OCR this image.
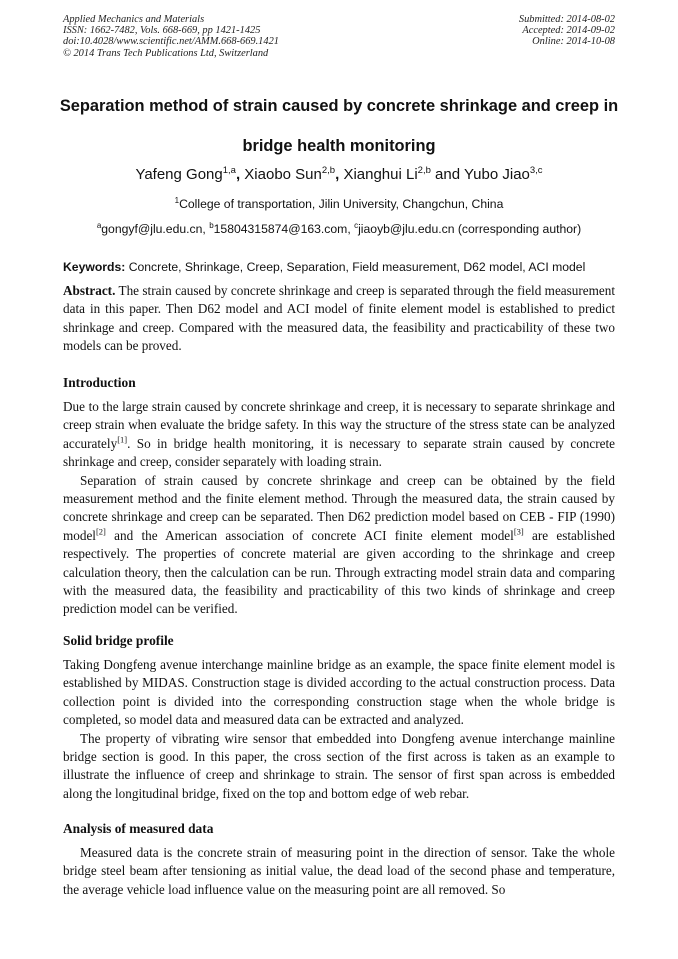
Applied Mechanics and Materials
ISSN: 1662-7482, Vols. 668-669, pp 1421-1425
doi:10.4028/www.scientific.net/AMM.668-669.1421
© 2014 Trans Tech Publications Ltd, Switzerland
Submitted: 2014-08-02
Accepted: 2014-09-02
Online: 2014-10-08
Separation method of strain caused by concrete shrinkage and creep in
bridge health monitoring
Yafeng Gong$^{1,a}$, Xiaobo Sun$^{2,b}$, Xianghui Li$^{2,b}$ and Yubo Jiao$^{3,c}$
$^1$College of transportation, Jilin University, Changchun, China
$^a$gongyf@jlu.edu.cn, $^b$15804315874@163.com, $^c$jiaoyb@jlu.edu.cn (corresponding author)
Keywords: Concrete, Shrinkage, Creep, Separation, Field measurement, D62 model, ACI model

Abstract. The strain caused by concrete shrinkage and creep is separated through the field measurement data in this paper. Then D62 model and ACI model of finite element model is established to predict shrinkage and creep. Compared with the measured data, the feasibility and practicability of these two models can be proved.

Introduction

Due to the large strain caused by concrete shrinkage and creep, it is necessary to separate shrinkage and creep strain when evaluate the bridge safety. In this way the structure of the stress state can be analyzed accurately[1]. So in bridge health monitoring, it is necessary to separate strain caused by concrete shrinkage and creep, consider separately with loading strain.

Separation of strain caused by concrete shrinkage and creep can be obtained by the field measurement method and the finite element method. Through the measured data, the strain caused by concrete shrinkage and creep can be separated. Then D62 prediction model based on CEB - FIP (1990) model[2] and the American association of concrete ACI finite element model[3] are established respectively. The properties of concrete material are given according to the shrinkage and creep calculation theory, then the calculation can be run. Through extracting model strain data and comparing with the measured data, the feasibility and practicability of this two kinds of shrinkage and creep prediction model can be verified.

Solid bridge profile

Taking Dongfeng avenue interchange mainline bridge as an example, the space finite element model is established by MIDAS. Construction stage is divided according to the actual construction process. Data collection point is divided into the corresponding construction stage when the whole bridge is completed, so model data and measured data can be extracted and analyzed.

The property of vibrating wire sensor that embedded into Dongfeng avenue interchange mainline bridge section is good. In this paper, the cross section of the first across is taken as an example to illustrate the influence of creep and shrinkage to strain. The sensor of first span across is embedded along the longitudinal bridge, fixed on the top and bottom edge of web rebar.

Analysis of measured data

Measured data is the concrete strain of measuring point in the direction of sensor. Take the whole bridge steel beam after tensioning as initial value, the dead load of the second phase and temperature, the average vehicle load influence value on the measuring point are all removed. So
